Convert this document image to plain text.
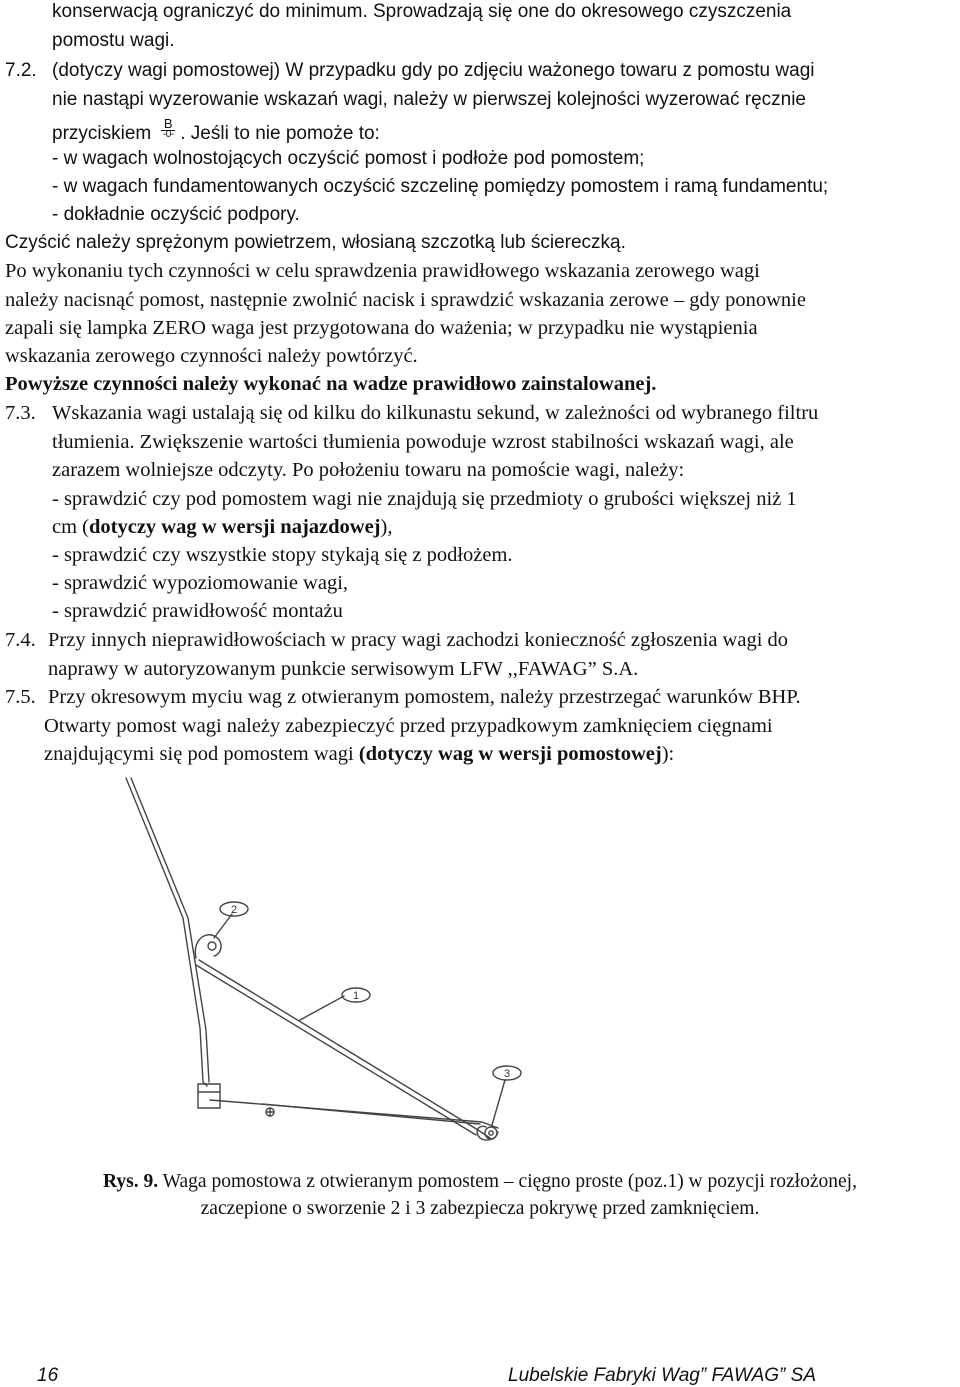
konserwacją ograniczyć do minimum. Sprowadzają się one do okresowego czyszczenia
pomostu wagi.
7.2. (dotyczy wagi pomostowej) W przypadku gdy po zdjęciu ważonego towaru z pomostu wagi
nie nastąpi wyzerowanie wskazań wagi, należy w pierwszej kolejności wyzerować ręcznie
przyciskiem B
-0- . Jeśli to nie pomoże to:
- w wagach wolnostojących oczyścić pomost i podłoże pod pomostem;
- w wagach fundamentowanych oczyścić szczelinę pomiędzy pomostem i ramą fundamentu;
- dokładnie oczyścić podpory.
Czyścić należy sprężonym powietrzem, włosianą szczotką lub ściereczką.
Po wykonaniu tych czynności w celu sprawdzenia prawidłowego wskazania zerowego wagi
należy nacisnąć pomost, następnie zwolnić nacisk i sprawdzić wskazania zerowe – gdy ponownie
zapali się lampka ZERO waga jest przygotowana do ważenia; w przypadku nie wystąpienia
wskazania zerowego czynności należy powtórzyć.
Powyższe czynności należy wykonać na wadze prawidłowo zainstalowanej.
7.3. Wskazania wagi ustalają się od kilku do kilkunastu sekund, w zależności od wybranego filtru
tłumienia. Zwiększenie wartości tłumienia powoduje wzrost stabilności wskazań wagi, ale
zarazem wolniejsze odczyty. Po położeniu towaru na pomoście wagi, należy:
- sprawdzić czy pod pomostem wagi nie znajdują się przedmioty o grubości większej niż 1
cm (dotyczy wag w wersji najazdowej),
- sprawdzić czy wszystkie stopy stykają się z podłożem.
- sprawdzić wypoziomowanie wagi,
- sprawdzić prawidłowość montażu
7.4. Przy innych nieprawidłowościach w pracy wagi zachodzi konieczność zgłoszenia wagi do
naprawy w autoryzowanym punkcie serwisowym LFW ,,FAWAG” S.A.
7.5. Przy okresowym myciu wag z otwieranym pomostem, należy przestrzegać warunków BHP.
Otwarty pomost wagi należy zabezpieczyć przed przypadkowym zamknięciem cięgnami
znajdującymi się pod pomostem wagi (dotyczy wag w wersji pomostowej):
2
1
3
Rys. 9. Waga pomostowa z otwieranym pomostem – cięgno proste (poz.1) w pozycji rozłożonej,
zaczepione o sworzenie 2 i 3 zabezpiecza pokrywę przed zamknięciem.
16	Lubelskie Fabryki Wag” FAWAG” SA
